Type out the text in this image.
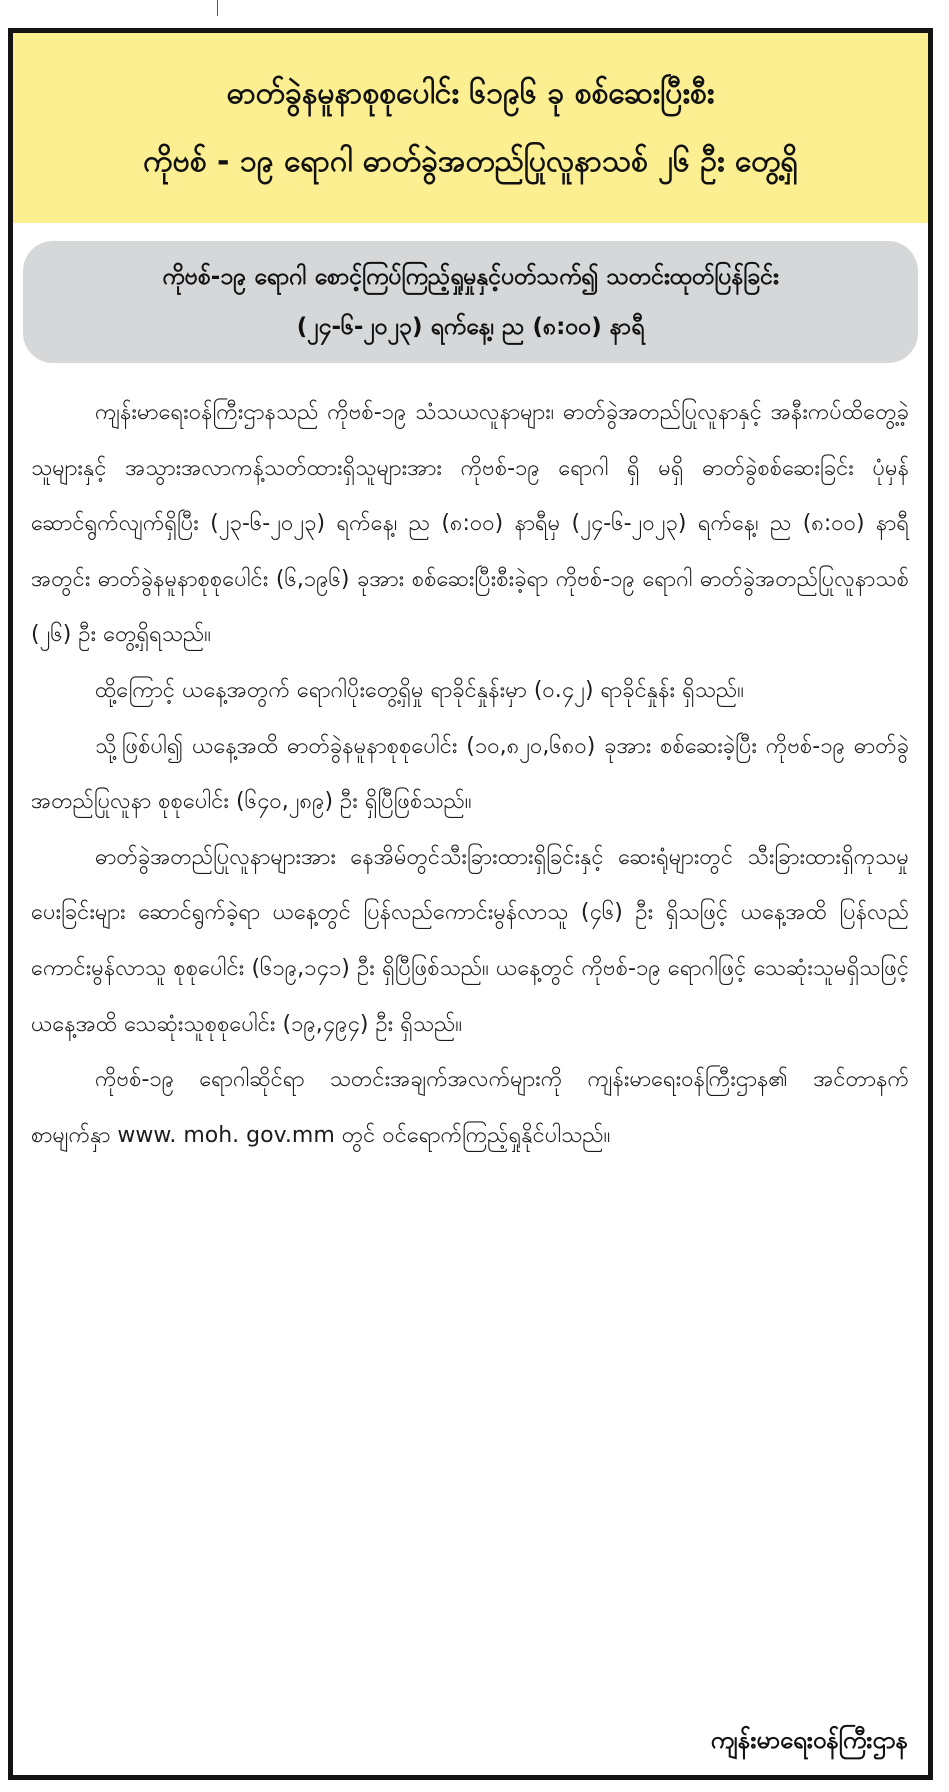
ဓာတ်ခွဲနမူနာစုစုပေါင်း ၆၁၉၆ ခု စစ်ဆေးပြီးစီး
ကိုဗစ် - ၁၉ ရောဂါ ဓာတ်ခွဲအတည်ပြုလူနာသစ် ၂၆ ဦး တွေ့ရှိ
ကိုဗစ်-၁၉ ရောဂါ စောင့်ကြပ်ကြည့်ရှုမှုနှင့်ပတ်သက်၍ သတင်းထုတ်ပြန်ခြင်း
(၂၄-၆-၂၀၂၃) ရက်နေ့၊ ည (၈:၀၀) နာရီ

ကျန်းမာရေးဝန်ကြီးဌာနသည် ကိုဗစ်-၁၉ သံသယလူနာများ၊ ဓာတ်ခွဲအတည်ပြုလူနာနှင့် အနီးကပ်ထိတွေ့ခဲ့သူများနှင့် အသွားအလာကန့်သတ်ထားရှိသူများအား ကိုဗစ်-၁၉ ရောဂါ ရှိ မရှိ ဓာတ်ခွဲစစ်ဆေးခြင်း ပုံမှန်ဆောင်ရွက်လျက်ရှိပြီး (၂၃-၆-၂၀၂၃) ရက်နေ့၊ ည (၈:၀၀) နာရီမှ (၂၄-၆-၂၀၂၃) ရက်နေ့၊ ည (၈:၀၀) နာရီအတွင်း ဓာတ်ခွဲနမူနာစုစုပေါင်း (၆,၁၉၆) ခုအား စစ်ဆေးပြီးစီးခဲ့ရာ ကိုဗစ်-၁၉ ရောဂါ ဓာတ်ခွဲအတည်ပြုလူနာသစ် (၂၆) ဦး တွေ့ရှိရသည်။

ထို့ကြောင့် ယနေ့အတွက် ရောဂါပိုးတွေ့ရှိမှု ရာခိုင်နှုန်းမှာ (၀.၄၂) ရာခိုင်နှုန်း ရှိသည်။

သို့ဖြစ်ပါ၍ ယနေ့အထိ ဓာတ်ခွဲနမူနာစုစုပေါင်း (၁၀,၈၂၀,၆၈၀) ခုအား စစ်ဆေးခဲ့ပြီး ကိုဗစ်-၁၉ ဓာတ်ခွဲအတည်ပြုလူနာ စုစုပေါင်း (၆၄၀,၂၈၉) ဦး ရှိပြီဖြစ်သည်။

ဓာတ်ခွဲအတည်ပြုလူနာများအား နေအိမ်တွင်သီးခြားထားရှိခြင်းနှင့် ဆေးရုံများတွင် သီးခြားထားရှိကုသမှုပေးခြင်းများ ဆောင်ရွက်ခဲ့ရာ ယနေ့တွင် ပြန်လည်ကောင်းမွန်လာသူ (၄၆) ဦး ရှိသဖြင့် ယနေ့အထိ ပြန်လည်ကောင်းမွန်လာသူ စုစုပေါင်း (၆၁၉,၁၄၁) ဦး ရှိပြီဖြစ်သည်။ ယနေ့တွင် ကိုဗစ်-၁၉ ရောဂါဖြင့် သေဆုံးသူမရှိသဖြင့် ယနေ့အထိ သေဆုံးသူစုစုပေါင်း (၁၉,၄၉၄) ဦး ရှိသည်။

ကိုဗစ်-၁၉ ရောဂါဆိုင်ရာ သတင်းအချက်အလက်များကို ကျန်းမာရေးဝန်ကြီးဌာန၏ အင်တာနက်စာမျက်နှာ www. moh. gov.mm တွင် ဝင်ရောက်ကြည့်ရှုနိုင်ပါသည်။

ကျန်းမာရေးဝန်ကြီးဌာန
